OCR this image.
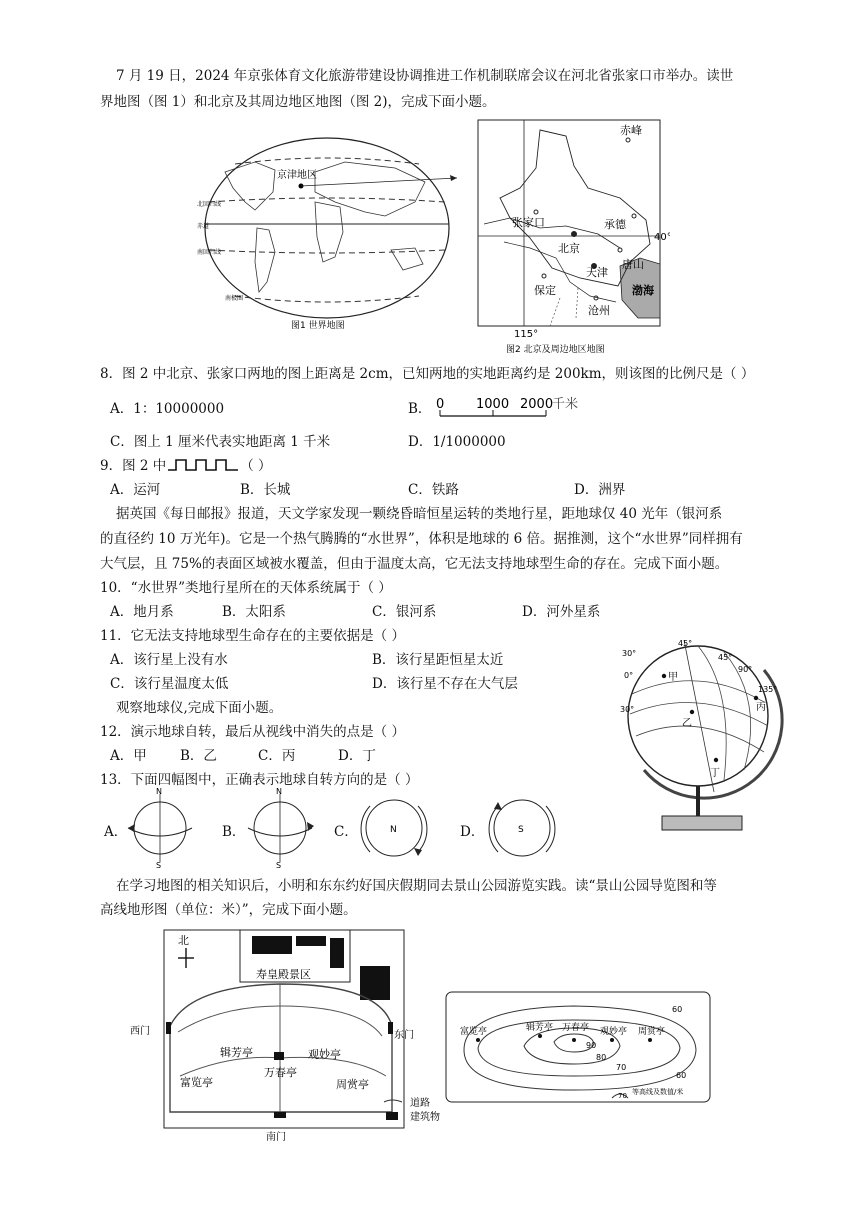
7 月 19 日，2024 年京张体育文化旅游带建设协调推进工作机制联席会议在河北省张家口市举办。读世
界地图（图 1）和北京及其周边地区地图（图 2)，完成下面小题。
京津地区
赤道
北回归线
南回归线
南极圈
图1 世界地图
赤峰
承德
张家口
北京
唐山
保定
天津
沧州
渤海
40°
115°
图2 北京及周边地区地图
8．图 2 中北京、张家口两地的图上距离是 2cm，已知两地的实地距离约是 200km，则该图的比例尺是（ ）
A．1：10000000	B． 0 1000 2000
千米
C．图上 1 厘米代表实地距离 1 千米	D．1/1000000
9．图 2 中	（ ）
A．运河	B．长城	C．铁路	D．洲界
据英国《每日邮报》报道，天文学家发现一颗绕昏暗恒星运转的类地行星，距地球仅 40 光年（银河系
的直径约 10 万光年)。它是一个热气腾腾的“水世界”，体积是地球的 6 倍。据推测，这个“水世界”同样拥有
大气层，且 75%的表面区域被水覆盖，但由于温度太高，它无法支持地球型生命的存在。完成下面小题。
10．“水世界”类地行星所在的天体系统属于（ ）
A．地月系	B．太阳系	C．银河系	D．河外星系
11．它无法支持地球型生命存在的主要依据是（ ）
A．该行星上没有水	B．该行星距恒星太近
C．该行星温度太低	D．该行星不存在大气层
45°
30°
0°
45°
90°
135°
30°
甲
乙
丙
丁
观察地球仪,完成下面小题。
12．演示地球自转，最后从视线中消失的点是（ ）
A．甲 B．乙	C．丙	D．丁
13．下面四幅图中，正确表示地球自转方向的是（ ）
A．
N
S
B．
N
S
C．	N	D．	S
在学习地图的相关知识后，小明和东东约好国庆假期同去景山公园游览实践。读“景山公园导览图和等
高线地形图（单位：米）”，完成下面小题。
北
寿皇殿景区
西门	东门
南门
辑芳亭	观妙亭
富览亭
万春亭
周赏亭
道路
建筑物
富览亭	辑芳亭 万春亭 观妙亭 周赏亭
60
90
80
70
60
70 等高线及数值/米
